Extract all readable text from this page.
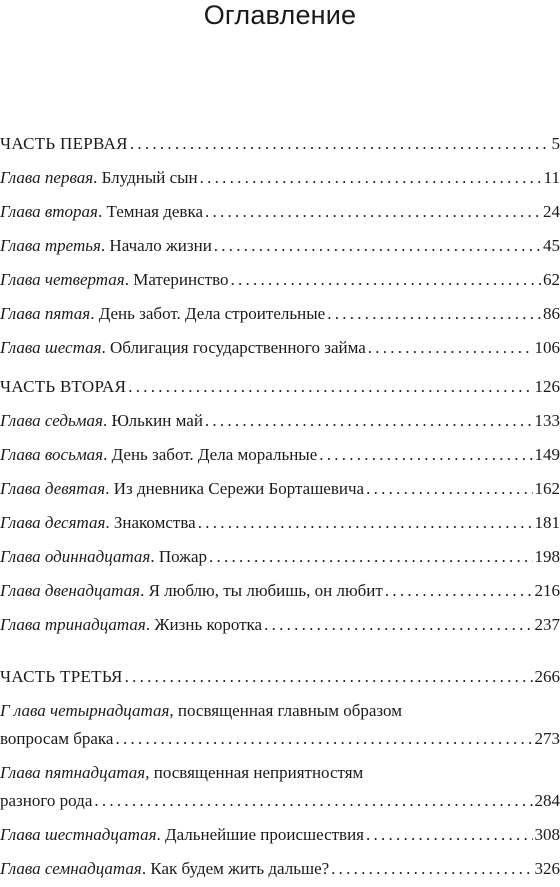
Оглавление
ЧАСТЬ ПЕРВАЯ . . .	5
Глава первая. Блудный сын . . .	11
Глава вторая. Темная девка . . .	24
Глава третья. Начало жизни . . .	45
Глава четвертая. Материнство . . .	62
Глава пятая. День забот. Дела строительные . . .	86
Глава шестая. Облигация государственного займа . . .	106
ЧАСТЬ ВТОРАЯ . . .	126
Глава седьмая. Юлькин май . . .	133
Глава восьмая. День забот. Дела моральные . . .	149
Глава девятая. Из дневника Сережи Борташевича . . .	162
Глава десятая. Знакомства . . .	181
Глава одиннадцатая. Пожар . . .	198
Глава двенадцатая. Я люблю, ты любишь, он любит . . .	216
Глава тринадцатая. Жизнь коротка . . .	237
ЧАСТЬ ТРЕТЬЯ . . .	266
Г лава четырнадцатая, посвященная главным образом
вопросам брака . . .	273
Глава пятнадцатая, посвященная неприятностям
разного рода . . .	284
Глава шестнадцатая. Дальнейшие происшествия . . .	308
Глава семнадцатая. Как будем жить дальше? . . .	326
